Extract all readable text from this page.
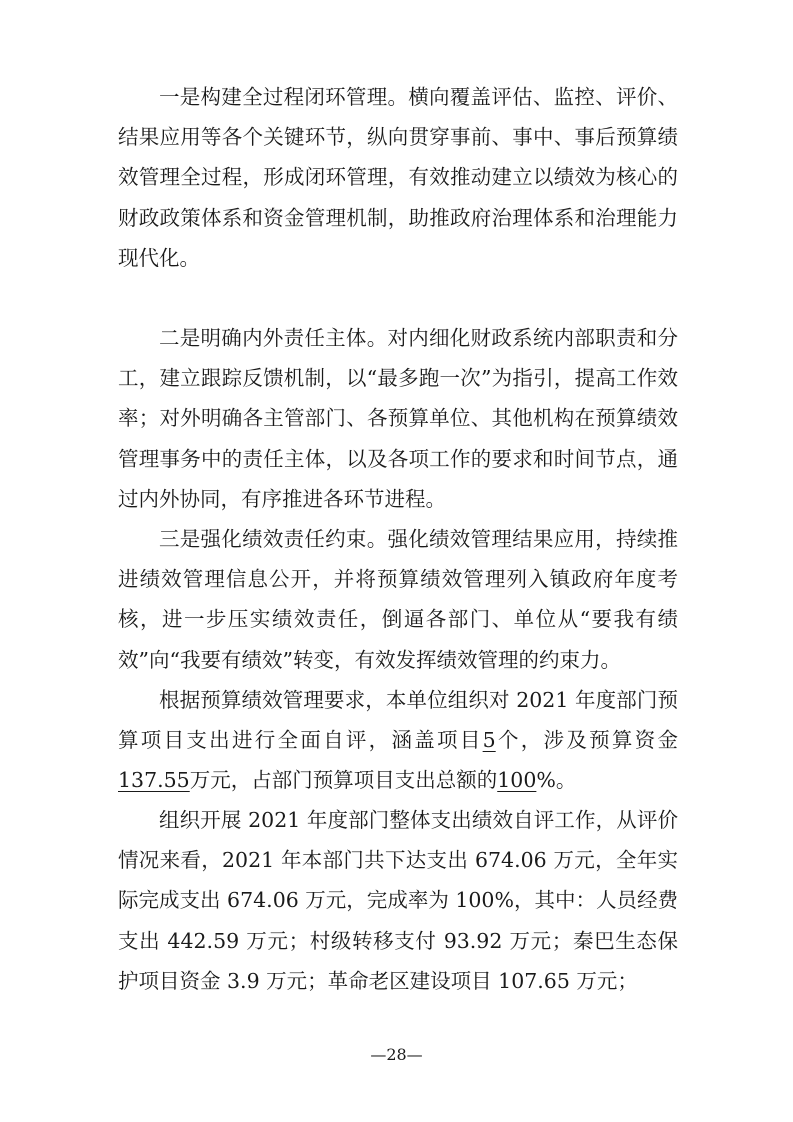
一是构建全过程闭环管理。横向覆盖评估、监控、评价、结果应用等各个关键环节，纵向贯穿事前、事中、事后预算绩效管理全过程，形成闭环管理，有效推动建立以绩效为核心的财政政策体系和资金管理机制，助推政府治理体系和治理能力现代化。

二是明确内外责任主体。对内细化财政系统内部职责和分工，建立跟踪反馈机制，以“最多跑一次”为指引，提高工作效率；对外明确各主管部门、各预算单位、其他机构在预算绩效管理事务中的责任主体，以及各项工作的要求和时间节点，通过内外协同，有序推进各环节进程。

三是强化绩效责任约束。强化绩效管理结果应用，持续推进绩效管理信息公开，并将预算绩效管理列入镇政府年度考核，进一步压实绩效责任，倒逼各部门、单位从“要我有绩效”向“我要有绩效”转变，有效发挥绩效管理的约束力。

根据预算绩效管理要求，本单位组织对 2021 年度部门预算项目支出进行全面自评，涵盖项目5个，涉及预算资金137.55万元，占部门预算项目支出总额的100%。

组织开展 2021 年度部门整体支出绩效自评工作，从评价情况来看，2021 年本部门共下达支出 674.06 万元，全年实际完成支出 674.06 万元，完成率为 100%，其中：人员经费支出 442.59 万元；村级转移支付 93.92 万元；秦巴生态保护项目资金 3.9 万元；革命老区建设项目 107.65 万元；

—28—
